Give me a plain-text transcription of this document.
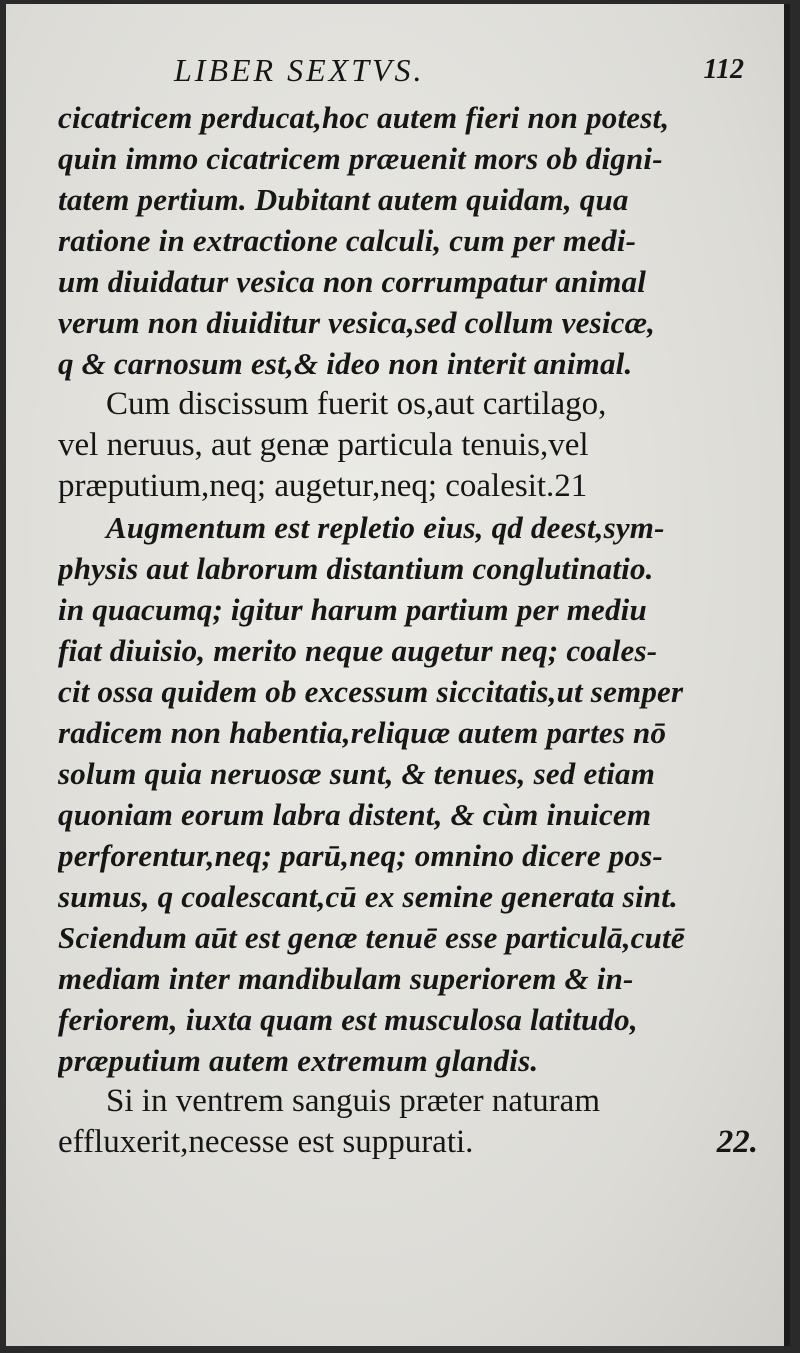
LIBER SEXTVS.	112
cicatricem perducat,hoc autem fieri non potest,
quin immo cicatricem præuenit mors ob digni-
tatem pertium. Dubitant autem quidam, qua
ratione in extractione calculi, cum per medi-
um diuidatur vesica non corrumpatur animal
verum non diuiditur vesica,sed collum vesicæ,
q & carnosum est,& ideo non interit animal.
Cum discissum fuerit os,aut cartilago,
vel neruus, aut genæ particula tenuis,vel
præputium,neq; augetur,neq; coalesit.21
Augmentum est repletio eius, qd deest,sym-
physis aut labrorum distantium conglutinatio.
in quacumq; igitur harum partium per mediu
fiat diuisio, merito neque augetur neq; coales-
cit ossa quidem ob excessum siccitatis,ut semper
radicem non habentia,reliquæ autem partes nō
solum quia neruosæ sunt, & tenues, sed etiam
quoniam eorum labra distent, & cùm inuicem
perforentur,neq; parū,neq; omnino dicere pos-
sumus, q coalescant,cū ex semine generata sint.
Sciendum aūt est genæ tenuē esse particulā,cutē
mediam inter mandibulam superiorem & in-
feriorem, iuxta quam est musculosa latitudo,
præputium autem extremum glandis.
Si in ventrem sanguis præter naturam
effluxerit,necesse est suppurati.	22.
